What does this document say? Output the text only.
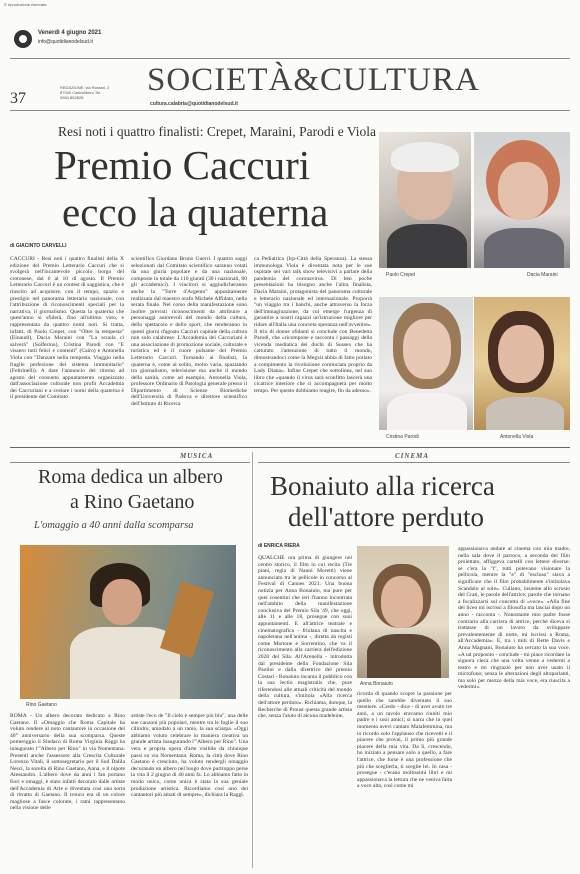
© riproduzione riservata
Venerdì 4 giugno 2021
info@quotidianodelsud.it
37
REDAZIONE: via Rossini, 2 87040 Castrolibero Tel. 0984 852828	SOCIETÀ&CULTURA
cultura.calabria@quotidianodelsud.it
Resi noti i quattro finalisti: Crepet, Maraini, Parodi e Viola
Premio Caccuri
ecco la quaterna
Paolo Crepet	Dacia Maraini
Cristina Parodi	Antonella Viola
di GIACINTO CARVELLI
CACCURI - Resi noti i quattro finalisti della X edizione del Premio Letterario Caccuri che si svolgerà nell'incantevole piccolo borgo del crotonese, dal 6 al 10 di agosto. Il Premio Letterario Caccuri è un contest di saggistica, che è riuscito ad acquisire, con il tempo, spazio e prestigio nel panorama letterario nazionale, con l'attribuzione di riconoscimenti speciali per la narrativa, il giornalismo. Questa la quaterna che quest'anno si sfiderà, fino all'ultimo voto, e rappresentata da quattro nomi noti. Si tratta, infatti, di Paolo Crepet, con "Oltre la tempesta" (Einaudi), Dacia Maraini con "La scuola ci salverà" (Solferino), Cristina Parodi con "E vissero tutti felici e contenti" (Cairo) e Antonella Viola con "Danzare nella tempesta. Viaggio nella fragile perfezione del sistema immunitario" (Feltrinelli). A dare l'annuncio del ritorno ad agosto del consueto appuntamento organizzato dall'associazione culturale non profit Accademia dei Caccuriani e a svelare i nomi della quaterna è il presidente del Comitato
scientifico Giordano Bruno Guerri. I quattro saggi selezionati dal Comitato scientifico saranno votati da una giuria popolare e da una nazionale, composte in totale da 110 giurati (30 i nazionali, 80 gli accademici). I vincitori si aggiudicheranno anche la "Torre d'Argento" appositamente realizzata dal maestro orafo Michele Affidato, nella serata finale. Nel corso della manifestazione sono inoltre previsti riconoscimenti da attribuire a personaggi autorevoli del mondo della cultura, dello spettacolo e dello sport, che renderanno in questi giorni d'agosto Caccuri capitale della cultura non solo calabrese. L'Accademia dei Caccuriani è una associazione di promozione sociale, culturale e turistica ed è il cuore pulsante del Premio Letterario Caccuri. Tornando ai finalisti, la quaterna è, come al solito, molto varia, spaziando tra giornalismo, televisione ma anche il mondo della sanità, come ad esempio, Antonella Viola, professore Ordinario di Patologia generale presso il Dipartimento di Scienze Biomediche dell'Università di Padova e direttore scientifico dell'Istituto di Ricerca
ca Pediatrica (Irp-Città della Speranza). La stessa immunologa Viola è diventata nota per le sue ospitate nei vari talk show televisivi a parlare della pandemia del coronavirus. Di ben poche presentazioni ha bisogno anche l'altra finalista, Dacia Maraini, protagonista del panorama culturale e letterario nazionale ed internazionale. Proporrà "un viaggio tra i banchi, anche attraverso la forza dell'immaginazione, da cui emerge l'urgenza di garantire a nostri ragazzi un'istruzione migliore per ridare all'Italia una concreta speranza nell'avvenire». Il trio di donne sfidanti si conclude con Benedetta Parodi, che «ricompone e racconta i passaggi della vicenda mediatica dei duchi di Sussex che ha catturato l'attenzione di tutto il mondo, dimostrandoci come la Megxit abbia di fatto portato a compimento la rivoluzione cominciata proprio da Lady Diana». Infine Crepet che sottolinea, nel suo libro che «quando il virus sarà sconfitto lascerà una cicatrice interiore che ci accompagnerà per molto tempo. Per questo dobbiamo reagire, fin da adesso».
MUSICA
Roma dedica un albero
a Rino Gaetano
L'omaggio a 40 anni dalla scomparsa
Rino Gaetano
ROMA - Un albero decorato dedicato a Rino Gaetano. Il «Omaggio che Roma Capitale ha voluto rendere al noto cantautore in occasione del 40° anniversario della sua scomparsa. Queste pomeriggio il Sindaco di Roma Virginia Raggi ha inaugurato l'"Albero per Rino" in via Nomentana. Presenti anche l'assessore alla Crescita Culturale Lorenzo Vitali, il sottosegretario per il Sud Dalila Nesci, la sorella di Rino Gaetano, Anna, e il nipote Alessandro. L'albero dove da anni i fan portano fiori e omaggi, è stato infatti decorato dalle artiste dell'Accademia di Arte e diventata così una sorta di ritratto di Gaetano. Il tronco era di un colore magliose a fasce colorate, i rami rappresentano nella visione delle
artiste l'eco de "Il cielo è sempre più blu", una delle sue canzoni più popolari, mentre tra le foglie il suo cilindro, amodato a un ramo, la sua sciarpa. «Oggi abbiamo voluto celebrare in maniera creativa un grande artista inaugurando l'"Albero per Rino". Una vera e propria opera d'arte visibile da chiunque passi su via Nomentana. Roma, la città dove Rino Gaetano è cresciuto, ha voluto rendergli omaggio decorando un albero nel luogo dove purtroppo perse la vita il 2 giugno di 40 anni fa. Lo abbiamo fatto in modo unico, come unica è stata la sua geniale produzione artistica. Ricordiamo così uno dei cantautori più amati di sempre», dichiara la Raggi.
CINEMA
Bonaiuto alla ricerca
dell'attore perduto
di ENRICA RIERA
QUALCHE ora prima di giungere nel centro storico, il film in cui recita (Tre piani, regia di Nanni Moretti) viene annunciato tra le pellicole in concorso al Festival di Cannes 2021. Una buona notizia per Anna Bonaiuto, ma pure per quei cosentini che ieri l'hanno incontrata nell'ambito della manifestazione conclusiva del Premio Sila '49, che oggi, alle 11 e alle 18, prosegue con suoi appuntamenti. E all'attrice teatrale e cinematografica - friulana di nascita e napoletana nell'anima -, diretta da registi come Martone e Sorrentino, che va il riconoscimento alla carriera dell'edizione 2020 del Sila. All'Arenella - introdotta dal presidente della Fondazione Sila Paolini e dalla direttrice del premio Costari - Bonaiuto incanta il pubblico con la sua lectio magistralis che, pure riferendosi alle attuali criticità del mondo della cultura, s'intitola «Alla ricerca dell'attore perduto». Richiama, dunque, la Recherche di Proust questa grande artista che, senza l'aiuto di alcuna madeleine,
Anna Bonaiuto
ricorda di quando scopre la passione per quello che sarebbe diventato il suo mestiere. «Credo - dice - di aver avuto tre anni, a un tavolo eravamo riuniti mio padre e i suoi amici; si narra che in quel momento avevi cantato Malafemmina, ma io ricordo solo l'applauso che ricevetti e il piacere che provai, il primo più grande piacere della mia vita. Da lì, crescendo, ho iniziato a pensare solo a quello, a fare l'attrice, che forse è una professione che più che sceglierla, ti sceglie lei. In casa - prosegue - c'erano moltissimi libri e mi appassionava la lettura che ne veniva fatta a voce alta, così come mi
appassionava andare al cinema con mia madre, nella sala dove il parroco, a seconda del film proiettato, affiggeva cartelli con lettere diverse: se c'era la "t", tutti potevano visionare la pellicola, mentre la "e" di "escluso" stava a significare che il film probabilmente s'intitolava Scandalo al sole». Cullano, insieme allo scrosio del Crati, le parole dell'attrice; parole che tornano a focalizzarsi sul concetto di «voce». «Alla fine del liceo mi iscrissi a filosofia ma lasciai dopo un anno - racconta -. Nonostante mio padre fosse contrario alla carriera di attrice, perché diceva si trattasse di un lavoro da sviluppare prevalentemente di notte, mi iscrissi a Roma, all'Accademia». E, tra i miti di Bette Davis e Anna Magnani, Bonaiuto ha cercato la sua voce. «A tal proposito - conclude - mi piace ricordare la signora cieca che una volta venne a vedermi a teatro e mi ringraziò per non aver usato il microfono; senza le alterazioni degli altoparlanti, ma solo per mezzo della mia voce, era riuscita a vedermi».
